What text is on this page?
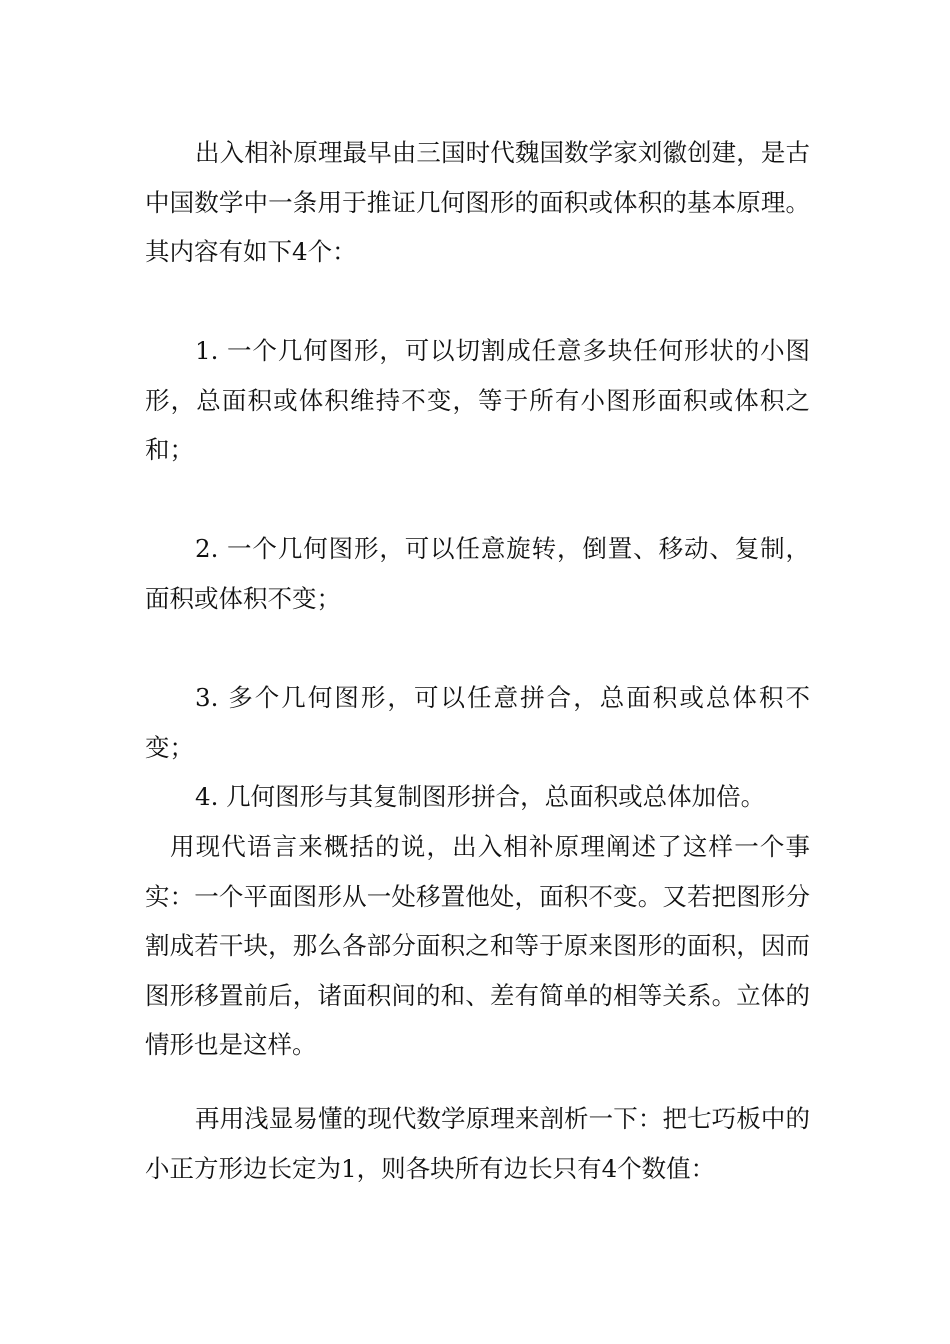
出入相补原理最早由三国时代魏国数学家刘徽创建，是古中国数学中一条用于推证几何图形的面积或体积的基本原理。其内容有如下4个：

1. 一个几何图形，可以切割成任意多块任何形状的小图形，总面积或体积维持不变，等于所有小图形面积或体积之和；

2. 一个几何图形，可以任意旋转，倒置、移动、复制，面积或体积不变；

3. 多个几何图形，可以任意拼合，总面积或总体积不变；

4. 几何图形与其复制图形拼合，总面积或总体加倍。

用现代语言来概括的说，出入相补原理阐述了这样一个事实：一个平面图形从一处移置他处，面积不变。又若把图形分割成若干块，那么各部分面积之和等于原来图形的面积，因而图形移置前后，诸面积间的和、差有简单的相等关系。立体的情形也是这样。

再用浅显易懂的现代数学原理来剖析一下：把七巧板中的小正方形边长定为1，则各块所有边长只有4个数值：
